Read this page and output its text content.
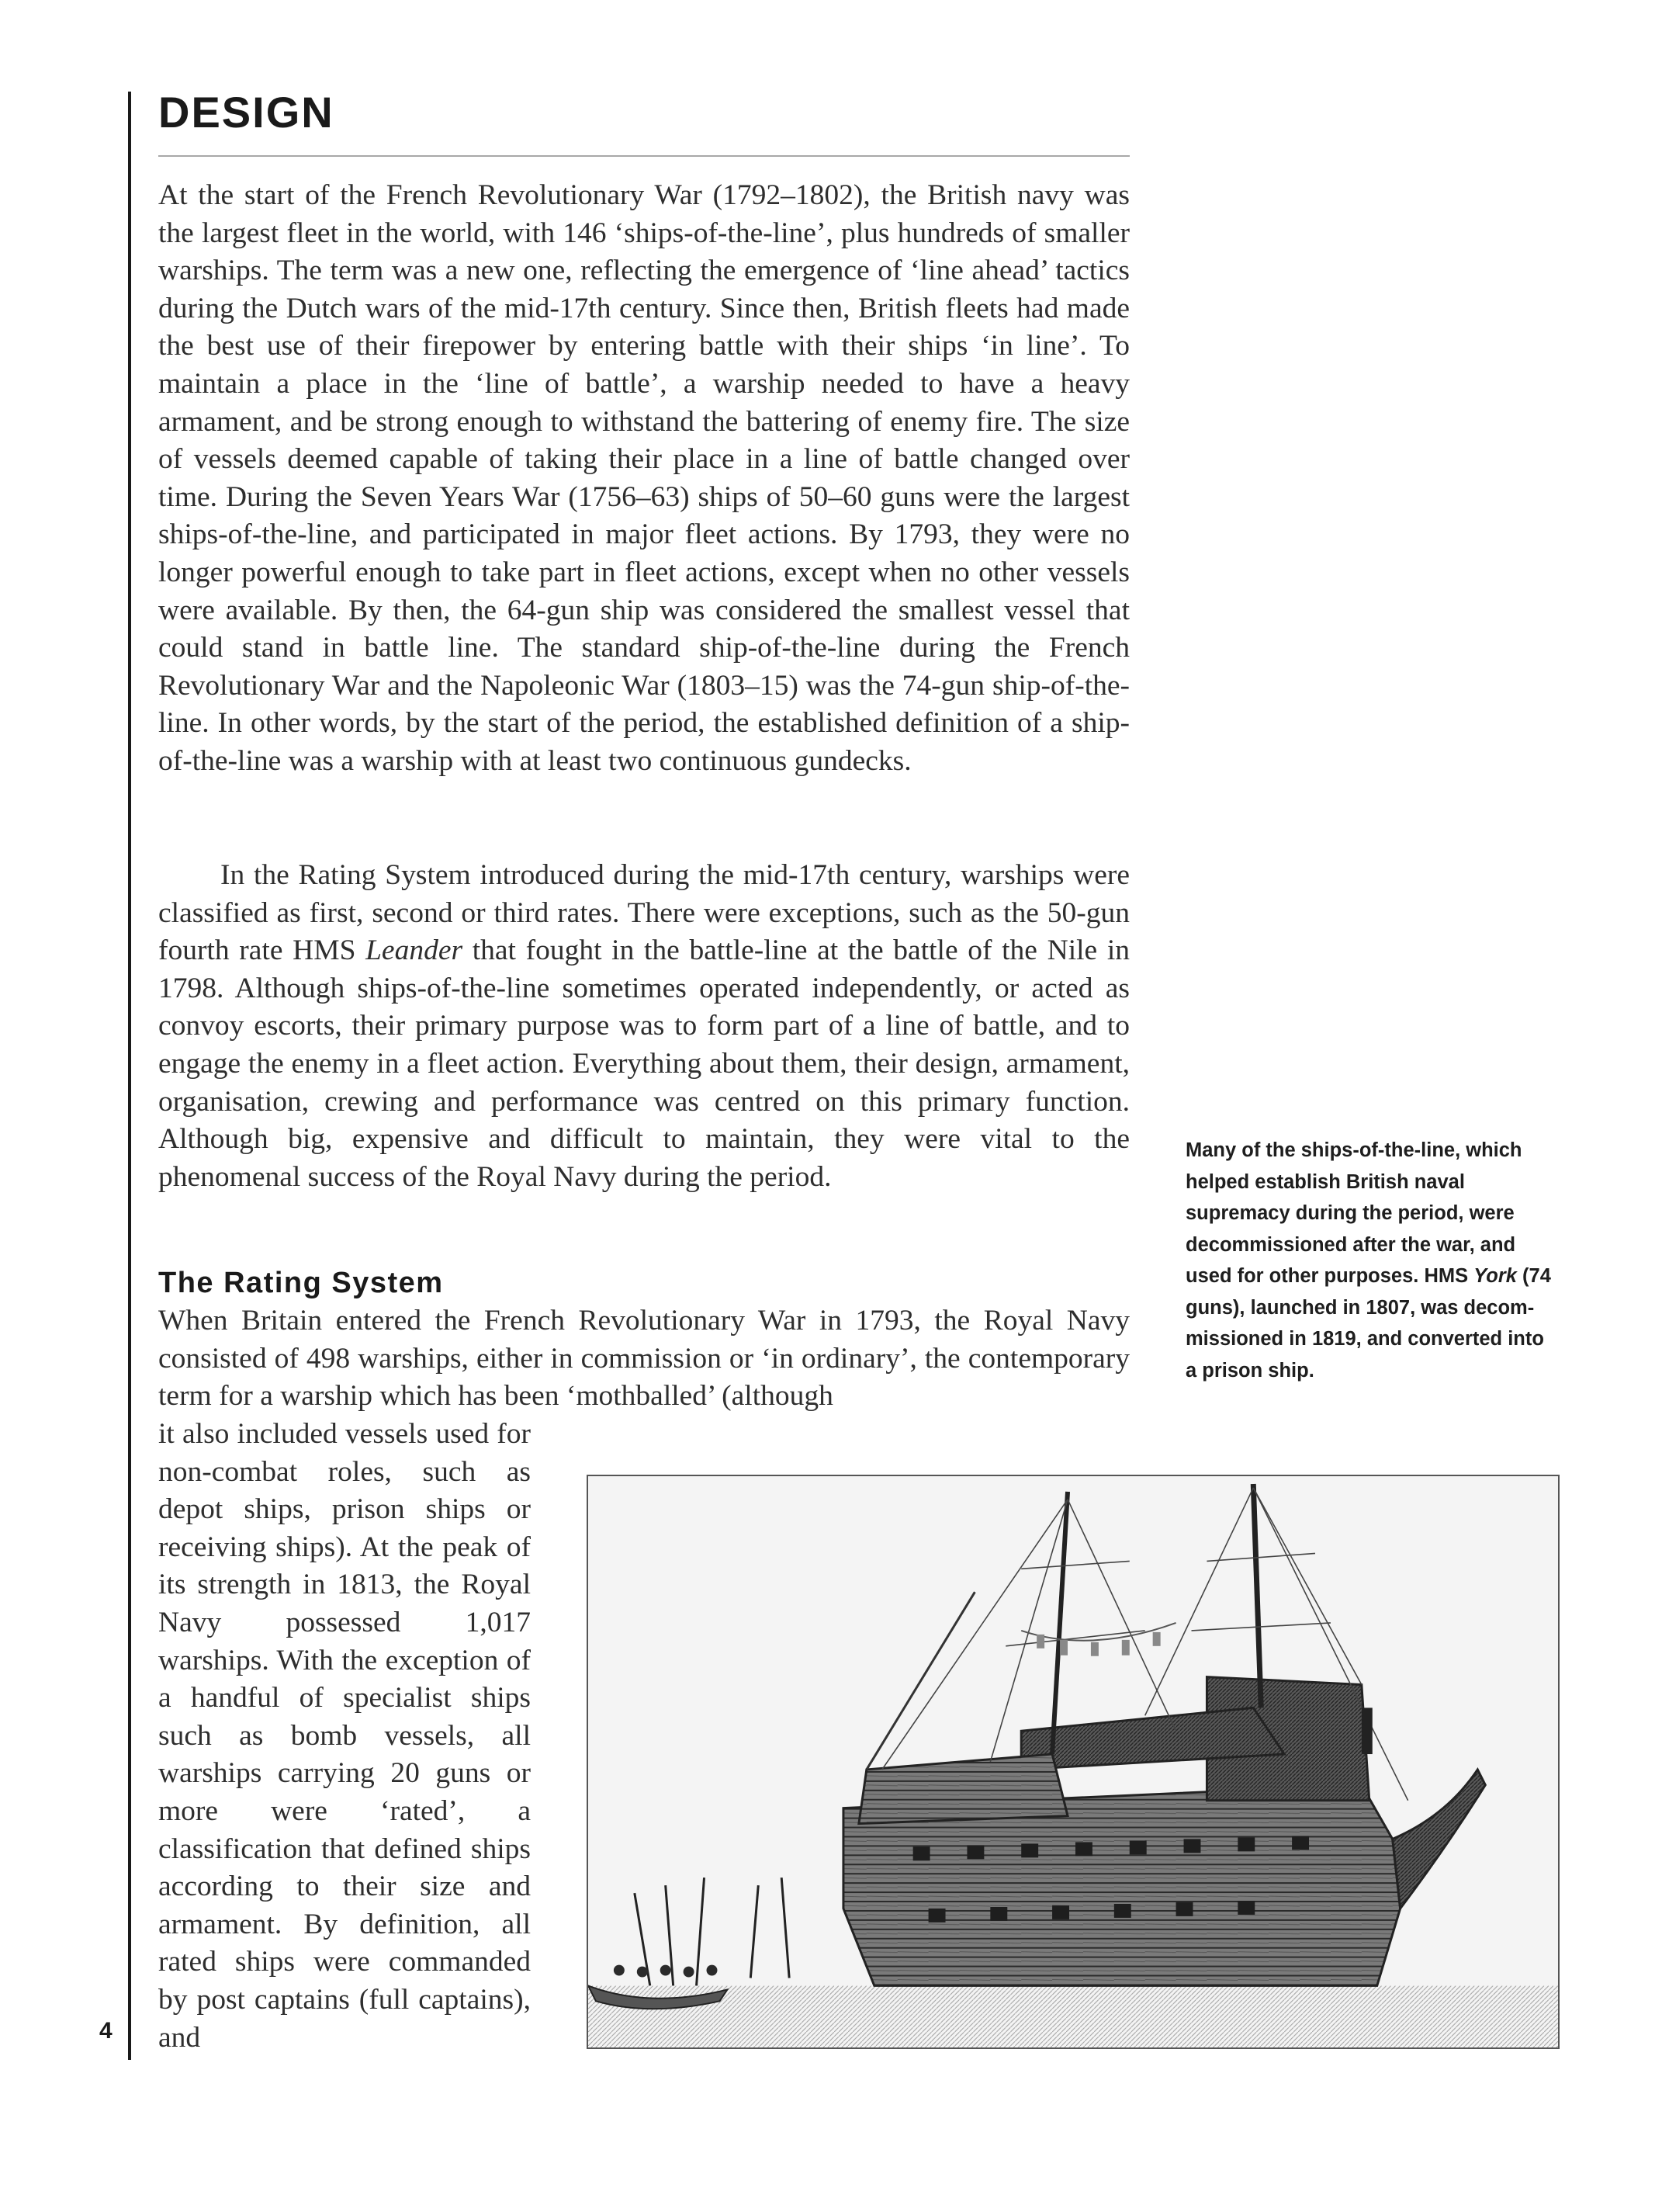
DESIGN

At the start of the French Revolutionary War (1792–1802), the British navy was the largest fleet in the world, with 146 ‘ships-of-the-line’, plus hundreds of smaller warships. The term was a new one, reflecting the emergence of ‘line ahead’ tactics during the Dutch wars of the mid-17th century. Since then, British fleets had made the best use of their firepower by entering battle with their ships ‘in line’. To maintain a place in the ‘line of battle’, a warship needed to have a heavy armament, and be strong enough to withstand the battering of enemy fire. The size of vessels deemed capable of taking their place in a line of battle changed over time. During the Seven Years War (1756–63) ships of 50–60 guns were the largest ships-of-the-line, and participated in major fleet actions. By 1793, they were no longer powerful enough to take part in fleet actions, except when no other vessels were available. By then, the 64-gun ship was considered the smallest vessel that could stand in battle line. The standard ship-of-the-line during the French Revolutionary War and the Napoleonic War (1803–15) was the 74-gun ship-of-the-line. In other words, by the start of the period, the established definition of a ship-of-the-line was a warship with at least two continuous gundecks.

In the Rating System introduced during the mid-17th century, warships were classified as first, second or third rates. There were exceptions, such as the 50-gun fourth rate HMS Leander that fought in the battle-line at the battle of the Nile in 1798. Although ships-of-the-line sometimes operated independently, or acted as convoy escorts, their primary purpose was to form part of a line of battle, and to engage the enemy in a fleet action. Everything about them, their design, armament, organisation, crewing and performance was centred on this primary function. Although big, expensive and difficult to maintain, they were vital to the phenomenal success of the Royal Navy during the period.

The Rating System

When Britain entered the French Revolutionary War in 1793, the Royal Navy consisted of 498 warships, either in commission or ‘in ordinary’, the contemporary term for a warship which has been ‘mothballed’ (although

it also included vessels used for non-combat roles, such as depot ships, prison ships or receiving ships). At the peak of its strength in 1813, the Royal Navy possessed 1,017 warships. With the exception of a handful of specialist ships such as bomb vessels, all warships carrying 20 guns or more were ‘rated’, a classification that defined ships according to their size and armament. By definition, all rated ships were commanded by post captains (full captains), and

Many of the ships-of-the-line, which helped establish British naval supremacy during the period, were decommissioned after the war, and used for other purposes. HMS York (74 guns), launched in 1807, was decom-missioned in 1819, and converted into a prison ship.

4
